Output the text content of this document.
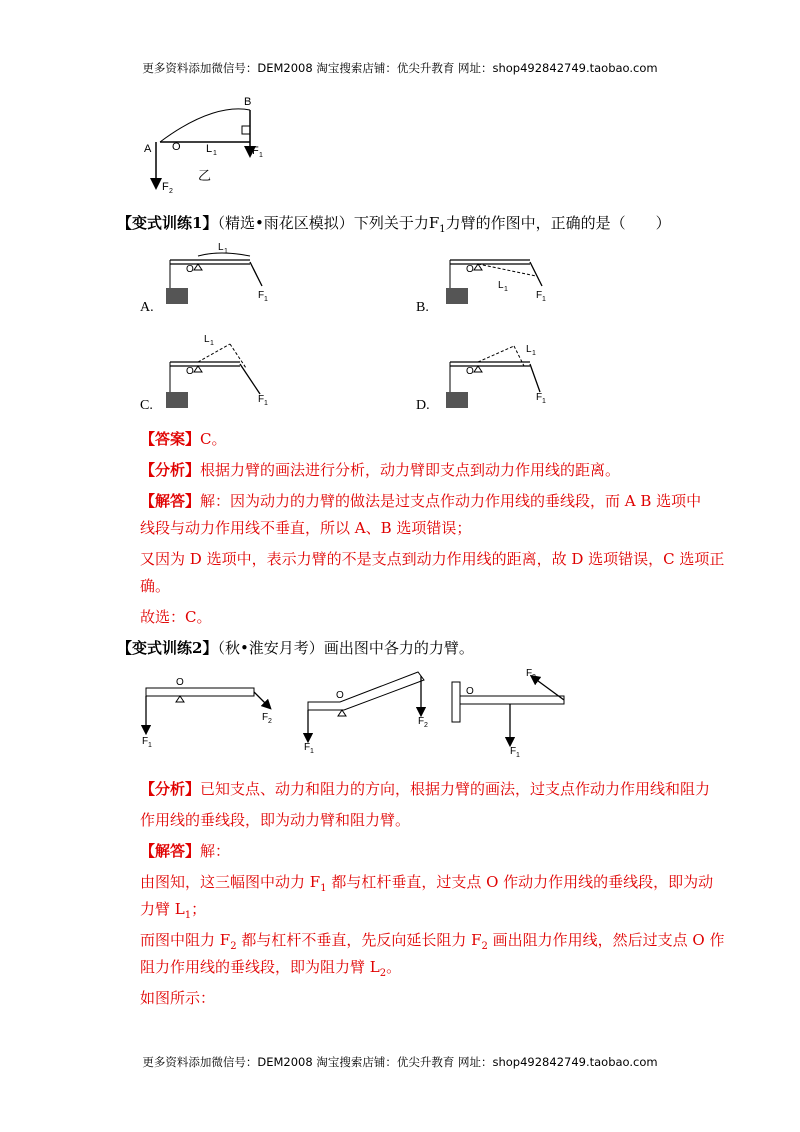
更多资料添加微信号：DEM2008 淘宝搜索店铺：优尖升教育 网址：shop492842749.taobao.com
A O
B
L 1	F 1
F 2
乙
【变式训练1】（精选•雨花区模拟）下列关于力$F_1$力臂的作图中，正确的是（　　）
O
L 1
F 1
A.
O
L 1
F 1
B.
O
L 1
F 1
C.
O
L 1
F 1
D.
【答案】C。
【分析】根据力臂的画法进行分析，动力臂即支点到动力作用线的距离。
【解答】解：因为动力的力臂的做法是过支点作动力作用线的垂线段，而 A B 选项中
线段与动力作用线不垂直，所以 A、B 选项错误；
又因为 D 选项中，表示力臂的不是支点到动力作用线的距离，故 D 选项错误，C 选项正
确。
故选：C。
【变式训练2】（秋•淮安月考）画出图中各力的力臂。
O
F 1
F 2
O
F 1
F 2
O
F 1
F 2
【分析】已知支点、动力和阻力的方向，根据力臂的画法，过支点作动力作用线和阻力
作用线的垂线段，即为动力臂和阻力臂。
【解答】解：
由图知，这三幅图中动力 $F_1$ 都与杠杆垂直，过支点 O 作动力作用线的垂线段，即为动
力臂 $L_1$；
而图中阻力 $F_2$ 都与杠杆不垂直，先反向延长阻力 $F_2$ 画出阻力作用线，然后过支点 O 作
阻力作用线的垂线段，即为阻力臂 $L_2$。
如图所示：
更多资料添加微信号：DEM2008 淘宝搜索店铺：优尖升教育 网址：shop492842749.taobao.com
